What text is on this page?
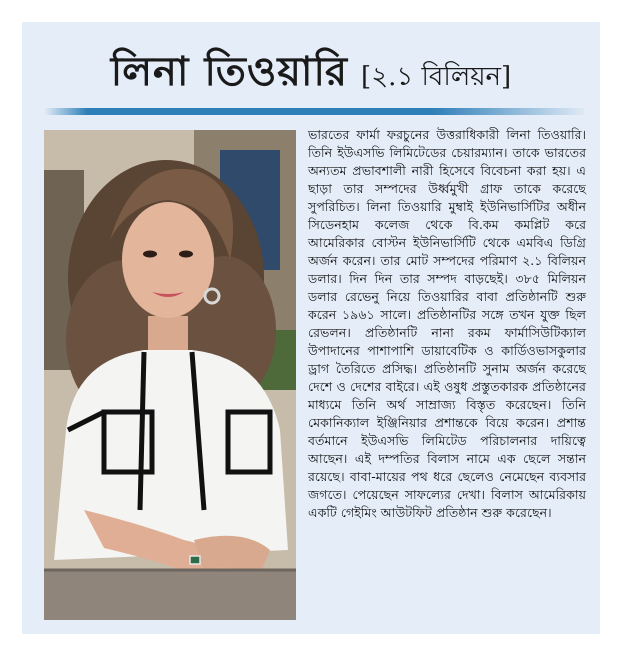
লিনা তিওয়ারি [২.১ বিলিয়ন]

ভারতের ফার্মা ফরচুনের উত্তরাধিকারী লিনা তিওয়ারি। তিনি ইউএসভি লিমিটেডের চেয়ারম্যান। তাকে ভারতের অন্যতম প্রভাবশালী নারী হিসেবে বিবেচনা করা হয়। এ ছাড়া তার সম্পদের উর্ধ্বমুখী গ্রাফ তাকে করেছে সুপরিচিত। লিনা তিওয়ারি মুম্বাই ইউনিভার্সিটির অধীন সিডেনহাম কলেজ থেকে বি.কম কমপ্লিট করে আমেরিকার বোস্টন ইউনিভার্সিটি থেকে এমবিএ ডিগ্রি অর্জন করেন। তার মোট সম্পদের পরিমাণ ২.১ বিলিয়ন ডলার। দিন দিন তার সম্পদ বাড়ছেই। ৩৮৫ মিলিয়ন ডলার রেভেনু নিয়ে তিওয়ারির বাবা প্রতিষ্ঠানটি শুরু করেন ১৯৬১ সালে। প্রতিষ্ঠানটির সঙ্গে তখন যুক্ত ছিল রেভলন। প্রতিষ্ঠানটি নানা রকম ফার্মাসিউটিক্যাল উপাদানের পাশাপাশি ডায়াবেটিক ও কার্ডিওভাসকুলার ড্রাগ তৈরিতে প্রসিদ্ধ। প্রতিষ্ঠানটি সুনাম অর্জন করেছে দেশে ও দেশের বাইরে। এই ওষুধ প্রস্তুতকারক প্রতিষ্ঠানের মাধ্যমে তিনি অর্থ সাম্রাজ্য বিস্তৃত করেছেন। তিনি মেকানিক্যাল ইঞ্জিনিয়ার প্রশান্তকে বিয়ে করেন। প্রশান্ত বর্তমানে ইউএসভি লিমিটেড পরিচালনার দায়িত্বে আছেন। এই দম্পতির বিলাস নামে এক ছেলে সন্তান রয়েছে। বাবা-মায়ের পথ ধরে ছেলেও নেমেছেন ব্যবসার জগতে। পেয়েছেন সাফল্যের দেখা। বিলাস আমেরিকায় একটি গেইমিং আউটফিট প্রতিষ্ঠান শুরু করেছেন।
